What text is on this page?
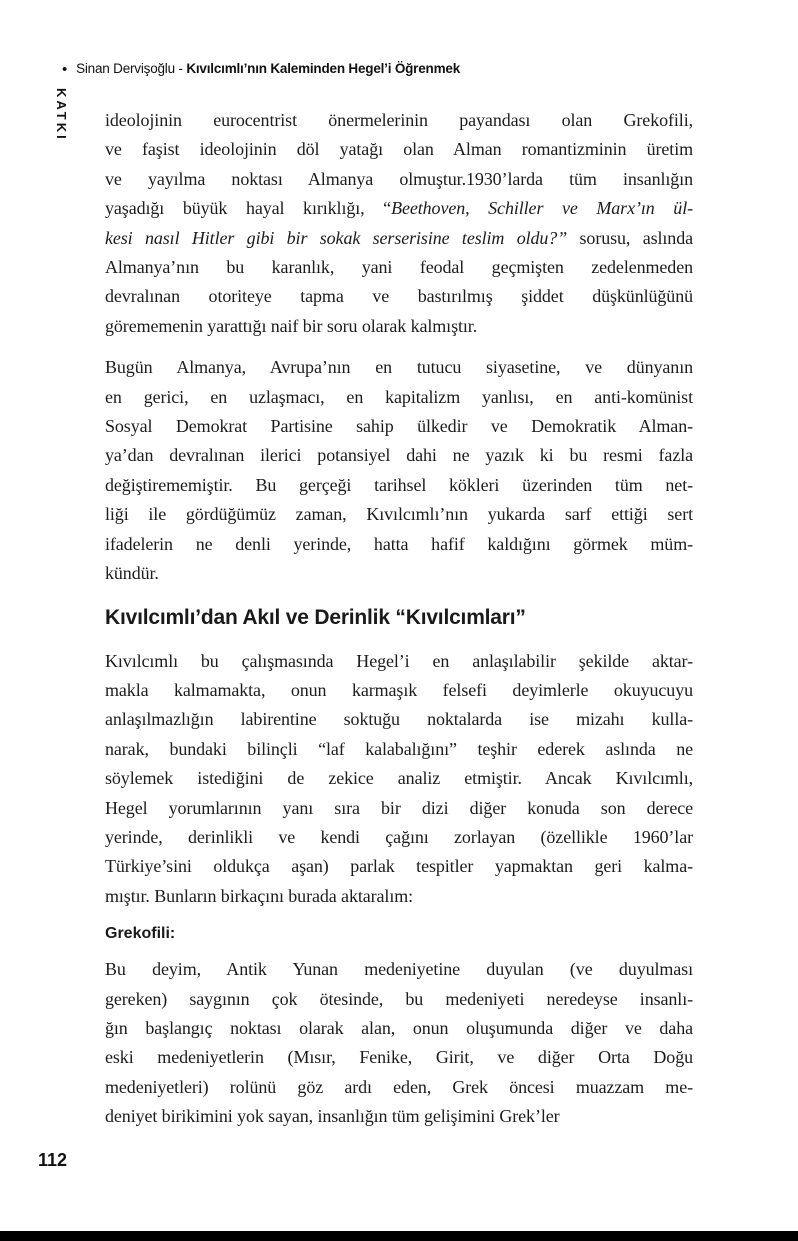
• Sinan Dervişoğlu - Kıvılcımlı’nın Kaleminden Hegel’i Öğrenmek
KATKI ideolojinin eurocentrist önermelerinin payandası olan Grekofili,
ve faşist ideolojinin döl yatağı olan Alman romantizminin üretim
ve yayılma noktası Almanya olmuştur.1930’larda tüm insanlığın
yaşadığı büyük hayal kırıklığı, “Beethoven, Schiller ve Marx’ın ül-
kesi nasıl Hitler gibi bir sokak serserisine teslim oldu?” sorusu, aslında
Almanya’nın bu karanlık, yani feodal geçmişten zedelenmeden
devralınan otoriteye tapma ve bastırılmış şiddet düşkünlüğünü
görememenin yarattığı naif bir soru olarak kalmıştır.
Bugün Almanya, Avrupa’nın en tutucu siyasetine, ve dünyanın
en gerici, en uzlaşmacı, en kapitalizm yanlısı, en anti-komünist
Sosyal Demokrat Partisine sahip ülkedir ve Demokratik Alman-
ya’dan devralınan ilerici potansiyel dahi ne yazık ki bu resmi fazla
değiştirememiştir. Bu gerçeği tarihsel kökleri üzerinden tüm net-
liği ile gördüğümüz zaman, Kıvılcımlı’nın yukarda sarf ettiği sert
ifadelerin ne denli yerinde, hatta hafif kaldığını görmek müm-
kündür.
Kıvılcımlı’dan Akıl ve Derinlik “Kıvılcımları”
Kıvılcımlı bu çalışmasında Hegel’i en anlaşılabilir şekilde aktar-
makla kalmamakta, onun karmaşık felsefi deyimlerle okuyucuyu
anlaşılmazlığın labirentine soktuğu noktalarda ise mizahı kulla-
narak, bundaki bilinçli “laf kalabalığını” teşhir ederek aslında ne
söylemek istediğini de zekice analiz etmiştir. Ancak Kıvılcımlı,
Hegel yorumlarının yanı sıra bir dizi diğer konuda son derece
yerinde, derinlikli ve kendi çağını zorlayan (özellikle 1960’lar
Türkiye’sini oldukça aşan) parlak tespitler yapmaktan geri kalma-
mıştır. Bunların birkaçını burada aktaralım:
Grekofili:
Bu deyim, Antik Yunan medeniyetine duyulan (ve duyulması
gereken) saygının çok ötesinde, bu medeniyeti neredeyse insanlı-
ğın başlangıç noktası olarak alan, onun oluşumunda diğer ve daha
eski medeniyetlerin (Mısır, Fenike, Girit, ve diğer Orta Doğu
medeniyetleri) rolünü göz ardı eden, Grek öncesi muazzam me-
deniyet birikimini yok sayan, insanlığın tüm gelişimini Grek’ler
112
